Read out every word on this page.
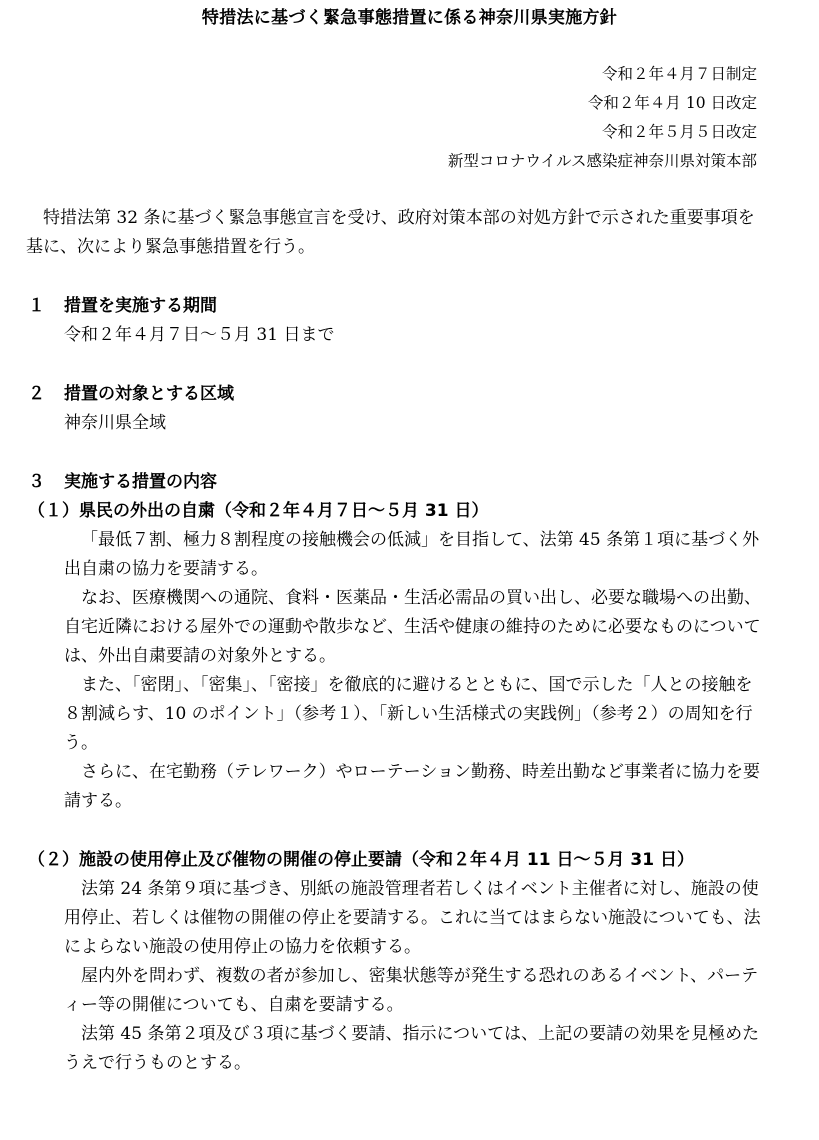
特措法に基づく緊急事態措置に係る神奈川県実施方針
令和２年４月７日制定
令和２年４月 10 日改定
令和２年５月５日改定
新型コロナウイルス感染症神奈川県対策本部

特措法第 32 条に基づく緊急事態宣言を受け、政府対策本部の対処方針で示された重要事項を基に、次により緊急事態措置を行う。

１ 措置を実施する期間
令和２年４月７日～５月 31 日まで
２ 措置の対象とする区域
神奈川県全域
３ 実施する措置の内容
（１）県民の外出の自粛（令和２年４月７日～５月 31 日）

「最低７割、極力８割程度の接触機会の低減」を目指して、法第 45 条第１項に基づく外出自粛の協力を要請する。

なお、医療機関への通院、食料・医薬品・生活必需品の買い出し、必要な職場への出勤、自宅近隣における屋外での運動や散歩など、生活や健康の維持のために必要なものについては、外出自粛要請の対象外とする。

また、「密閉」、「密集」、「密接」を徹底的に避けるとともに、国で示した「人との接触を８割減らす、10 のポイント」（参考１）、「新しい生活様式の実践例」（参考２）の周知を行う。

さらに、在宅勤務（テレワーク）やローテーション勤務、時差出勤など事業者に協力を要請する。

（２）施設の使用停止及び催物の開催の停止要請（令和２年４月 11 日～５月 31 日）

法第 24 条第９項に基づき、別紙の施設管理者若しくはイベント主催者に対し、施設の使用停止、若しくは催物の開催の停止を要請する。これに当てはまらない施設についても、法によらない施設の使用停止の協力を依頼する。

屋内外を問わず、複数の者が参加し、密集状態等が発生する恐れのあるイベント、パーティー等の開催についても、自粛を要請する。

法第 45 条第２項及び３項に基づく要請、指示については、上記の要請の効果を見極めたうえで行うものとする。
